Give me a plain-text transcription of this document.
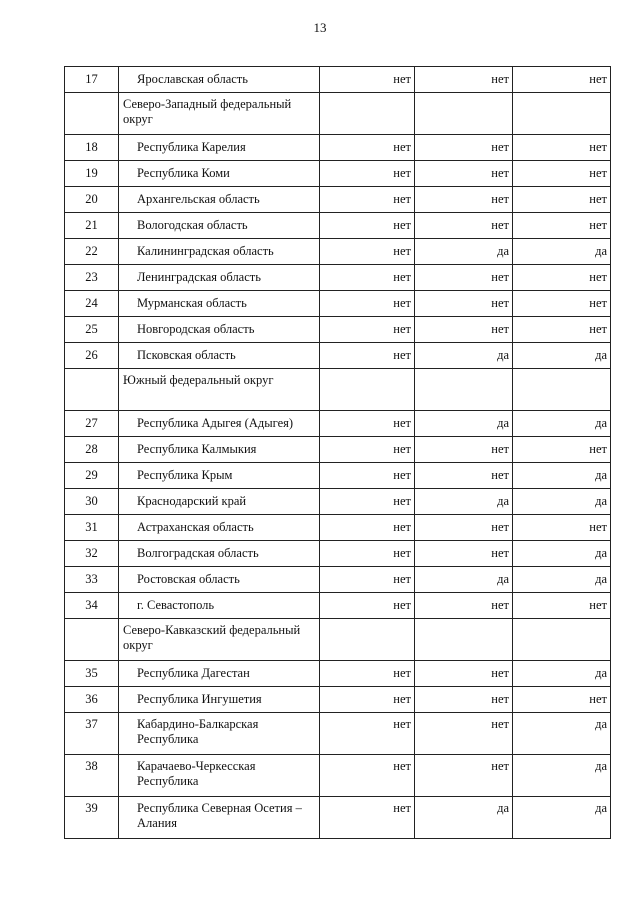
13
17	Ярославская область	нет	нет	нет
	Северо-Западный федеральный округ			
18	Республика Карелия	нет	нет	нет
19	Республика Коми	нет	нет	нет
20	Архангельская область	нет	нет	нет
21	Вологодская область	нет	нет	нет
22	Калининградская область	нет	да	да
23	Ленинградская область	нет	нет	нет
24	Мурманская область	нет	нет	нет
25	Новгородская область	нет	нет	нет
26	Псковская область	нет	да	да
	Южный федеральный округ			
27	Республика Адыгея (Адыгея)	нет	да	да
28	Республика Калмыкия	нет	нет	нет
29	Республика Крым	нет	нет	да
30	Краснодарский край	нет	да	да
31	Астраханская область	нет	нет	нет
32	Волгоградская область	нет	нет	да
33	Ростовская область	нет	да	да
34	г. Севастополь	нет	нет	нет
	Северо-Кавказский федеральный округ			
35	Республика Дагестан	нет	нет	да
36	Республика Ингушетия	нет	нет	нет
37	Кабардино-Балкарская Республика	нет	нет	да
38	Карачаево-Черкесская Республика	нет	нет	да
39	Республика Северная Осетия – Алания	нет	да	да
